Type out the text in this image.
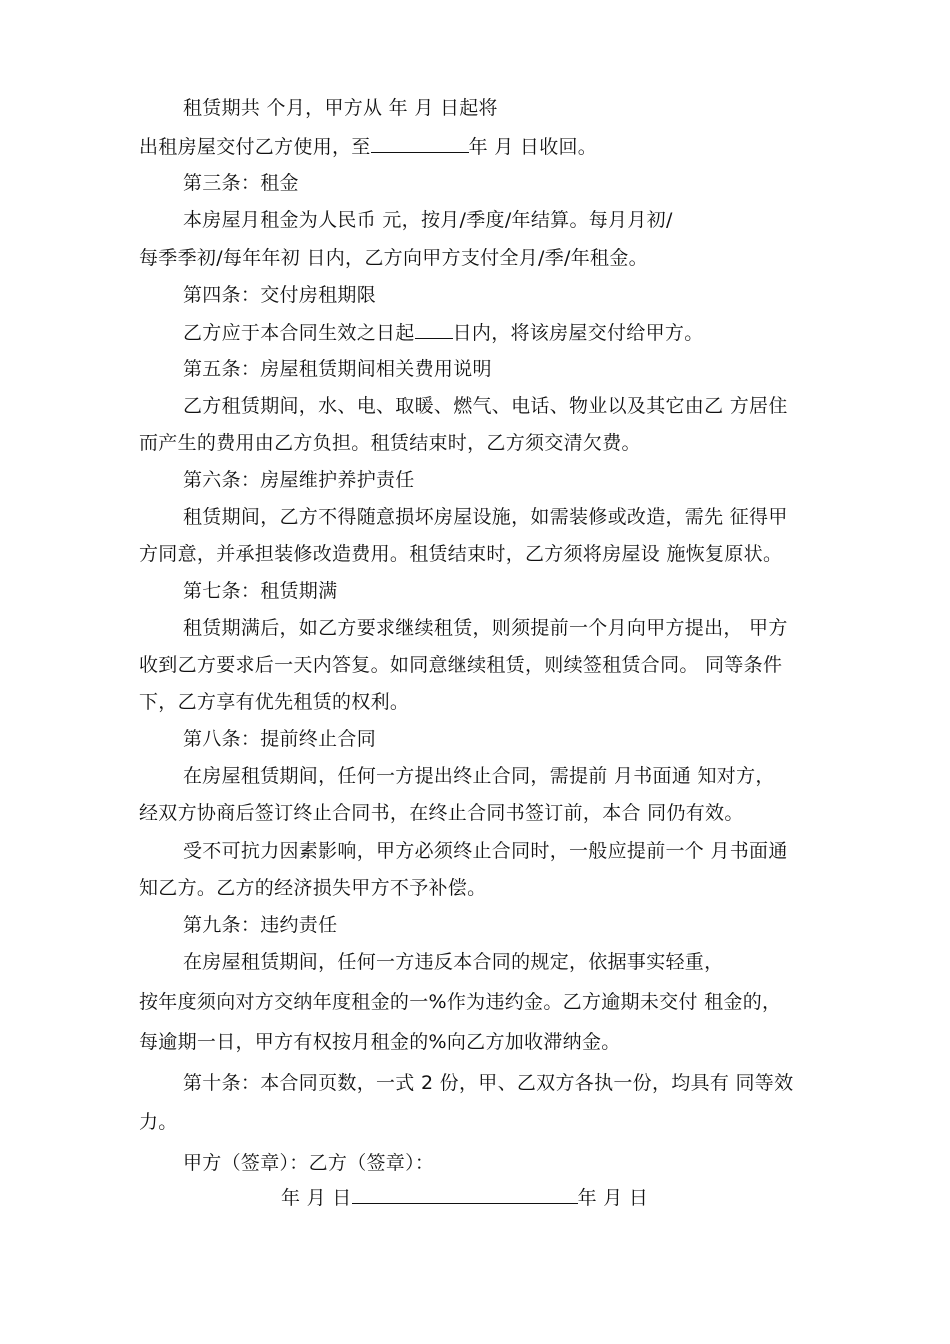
租赁期共 个月，甲方从 年 月 日起将
出租房屋交付乙方使用，至	年 月 日收回。
第三条：租金
本房屋月租金为人民币 元，按月/季度/年结算。每月月初/
每季季初/每年年初 日内，乙方向甲方支付全月/季/年租金。
第四条：交付房租期限
乙方应于本合同生效之日起 日内，将该房屋交付给甲方。
第五条：房屋租赁期间相关费用说明
乙方租赁期间，水、电、取暖、燃气、电话、物业以及其它由乙 方居住
而产生的费用由乙方负担。租赁结束时，乙方须交清欠费。
第六条：房屋维护养护责任
租赁期间，乙方不得随意损坏房屋设施，如需装修或改造，需先 征得甲
方同意，并承担装修改造费用。租赁结束时，乙方须将房屋设 施恢复原状。
第七条：租赁期满
租赁期满后，如乙方要求继续租赁，则须提前一个月向甲方提出， 甲方
收到乙方要求后一天内答复。如同意继续租赁，则续签租赁合同。 同等条件
下，乙方享有优先租赁的权利。
第八条：提前终止合同
在房屋租赁期间，任何一方提出终止合同，需提前 月书面通 知对方，
经双方协商后签订终止合同书，在终止合同书签订前，本合 同仍有效。
受不可抗力因素影响，甲方必须终止合同时，一般应提前一个 月书面通
知乙方。乙方的经济损失甲方不予补偿。
第九条：违约责任
在房屋租赁期间，任何一方违反本合同的规定，依据事实轻重，
按年度须向对方交纳年度租金的一%作为违约金。乙方逾期未交付 租金的，
每逾期一日，甲方有权按月租金的%向乙方加收滞纳金。
第十条：本合同页数，一式 2 份，甲、乙双方各执一份，均具有 同等效
力。
甲方（签章）：乙方（签章）：
年 月 日	年 月 日
